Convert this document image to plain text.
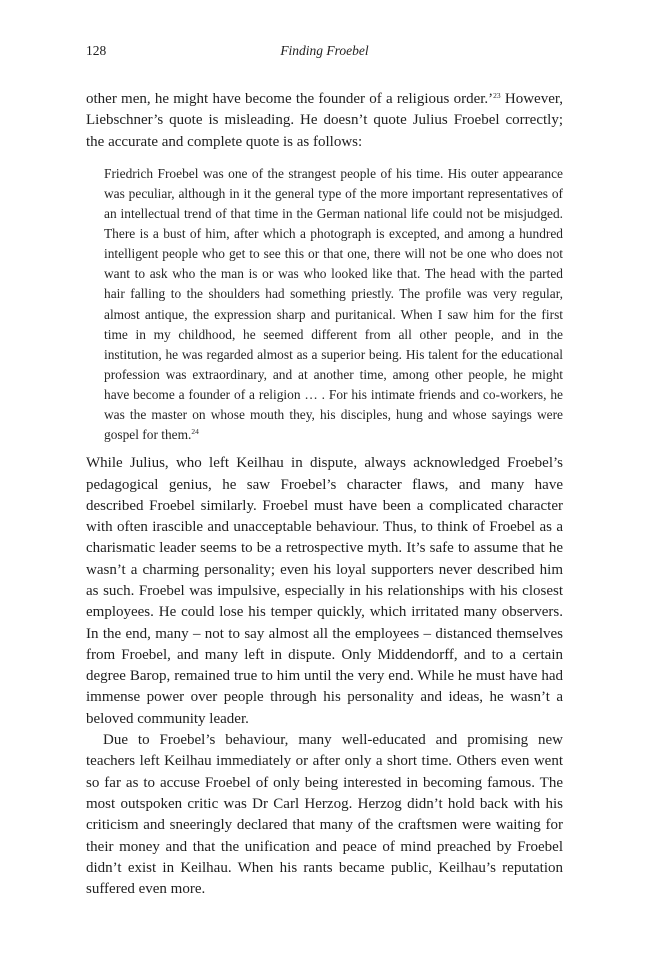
128	Finding Froebel

other men, he might have become the founder of a religious order.’$^{23}$ However, Liebschner’s quote is misleading. He doesn’t quote Julius Froebel correctly; the accurate and complete quote is as follows:

Friedrich Froebel was one of the strangest people of his time. His outer appearance was peculiar, although in it the general type of the more important representatives of an intellectual trend of that time in the German national life could not be misjudged. There is a bust of him, after which a photograph is excepted, and among a hundred intelligent people who get to see this or that one, there will not be one who does not want to ask who the man is or was who looked like that. The head with the parted hair falling to the shoulders had something priestly. The profile was very regular, almost antique, the expression sharp and puritanical. When I saw him for the first time in my childhood, he seemed different from all other people, and in the institution, he was regarded almost as a superior being. His talent for the educational profession was extraordinary, and at another time, among other people, he might have become a founder of a religion … . For his intimate friends and co-workers, he was the master on whose mouth they, his disciples, hung and whose sayings were gospel for them.$^{24}$

While Julius, who left Keilhau in dispute, always acknowledged Froebel’s pedagogical genius, he saw Froebel’s character flaws, and many have described Froebel similarly. Froebel must have been a complicated character with often irascible and unacceptable behaviour. Thus, to think of Froebel as a charismatic leader seems to be a retrospective myth. It’s safe to assume that he wasn’t a charming personality; even his loyal supporters never described him as such. Froebel was impulsive, especially in his relationships with his closest employees. He could lose his temper quickly, which irritated many observers. In the end, many – not to say almost all the employees – distanced themselves from Froebel, and many left in dispute. Only Middendorff, and to a certain degree Barop, remained true to him until the very end. While he must have had immense power over people through his personality and ideas, he wasn’t a beloved community leader.

Due to Froebel’s behaviour, many well-educated and promising new teachers left Keilhau immediately or after only a short time. Others even went so far as to accuse Froebel of only being interested in becoming famous. The most outspoken critic was Dr Carl Herzog. Herzog didn’t hold back with his criticism and sneeringly declared that many of the craftsmen were waiting for their money and that the unification and peace of mind preached by Froebel didn’t exist in Keilhau. When his rants became public, Keilhau’s reputation suffered even more.
